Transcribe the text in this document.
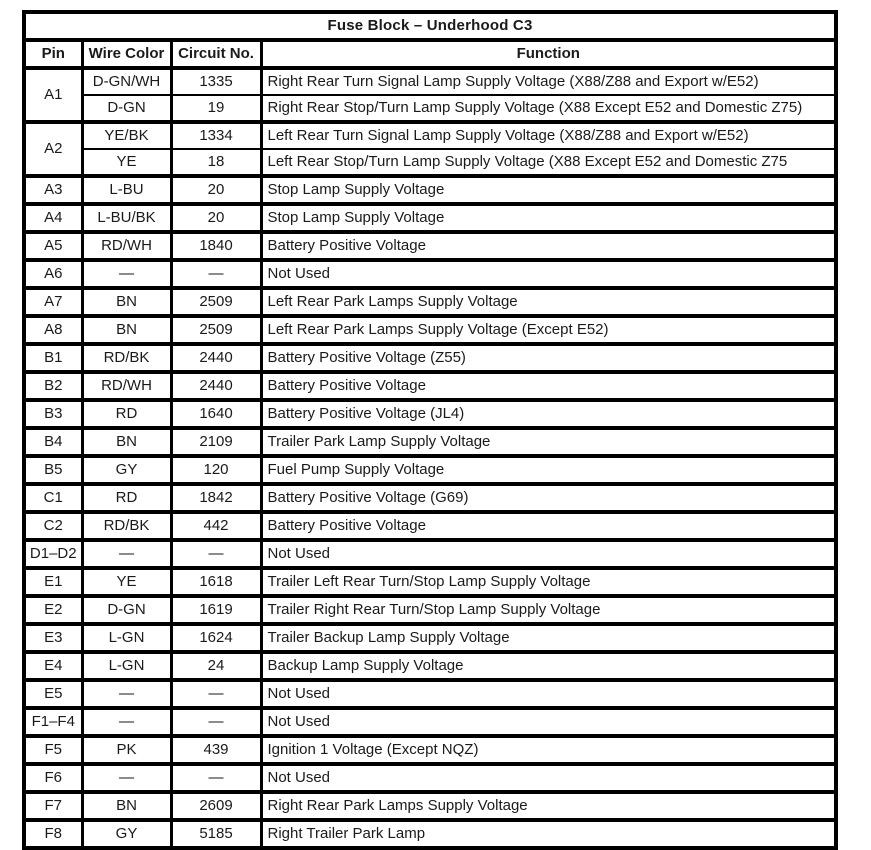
Fuse Block – Underhood C3			
Pin	Wire Color	Circuit No.	Function
A1	D-GN/WH	1335	Right Rear Turn Signal Lamp Supply Voltage (X88/Z88 and Export w/E52)
	D-GN	19	Right Rear Stop/Turn Lamp Supply Voltage (X88 Except E52 and Domestic Z75)
A2	YE/BK	1334	Left Rear Turn Signal Lamp Supply Voltage (X88/Z88 and Export w/E52)
	YE	18	Left Rear Stop/Turn Lamp Supply Voltage (X88 Except E52 and Domestic Z75
A3	L-BU	20	Stop Lamp Supply Voltage
A4	L-BU/BK	20	Stop Lamp Supply Voltage
A5	RD/WH	1840	Battery Positive Voltage
A6	—	—	Not Used
A7	BN	2509	Left Rear Park Lamps Supply Voltage
A8	BN	2509	Left Rear Park Lamps Supply Voltage (Except E52)
B1	RD/BK	2440	Battery Positive Voltage (Z55)
B2	RD/WH	2440	Battery Positive Voltage
B3	RD	1640	Battery Positive Voltage (JL4)
B4	BN	2109	Trailer Park Lamp Supply Voltage
B5	GY	120	Fuel Pump Supply Voltage
C1	RD	1842	Battery Positive Voltage (G69)
C2	RD/BK	442	Battery Positive Voltage
D1–D2	—	—	Not Used
E1	YE	1618	Trailer Left Rear Turn/Stop Lamp Supply Voltage
E2	D-GN	1619	Trailer Right Rear Turn/Stop Lamp Supply Voltage
E3	L-GN	1624	Trailer Backup Lamp Supply Voltage
E4	L-GN	24	Backup Lamp Supply Voltage
E5	—	—	Not Used
F1–F4	—	—	Not Used
F5	PK	439	Ignition 1 Voltage (Except NQZ)
F6	—	—	Not Used
F7	BN	2609	Right Rear Park Lamps Supply Voltage
F8	GY	5185	Right Trailer Park Lamp
